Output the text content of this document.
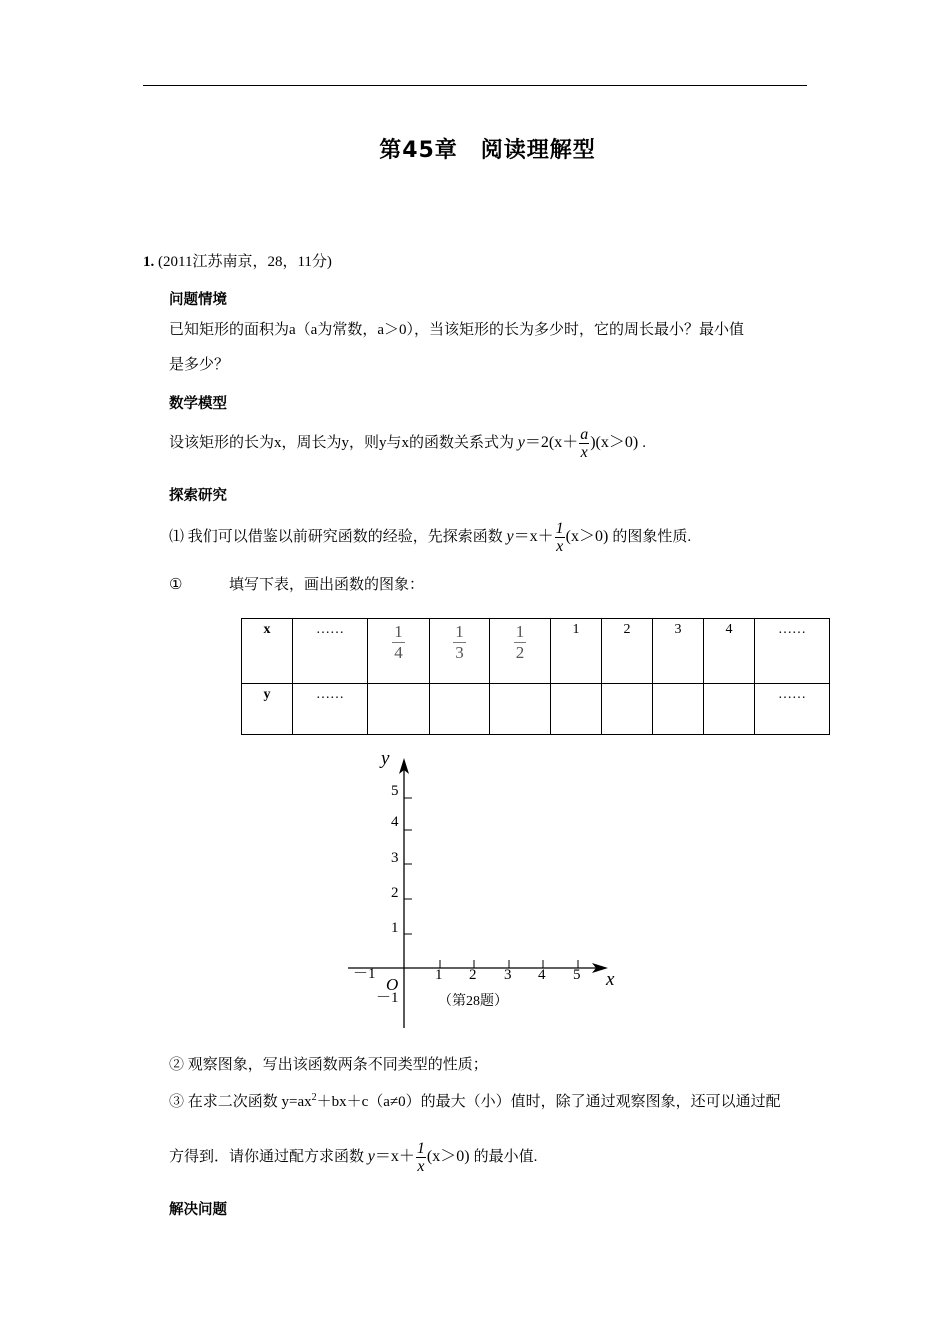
第45章　阅读理解型
1. (2011江苏南京，28，11分)
问题情境
已知矩形的面积为a（a为常数，a＞0），当该矩形的长为多少时，它的周长最小？最小值
是多少？
数学模型
设该矩形的长为x，周长为y，则y与x的函数关系式为 $y=2(x+ \frac{a}{x} )(x>0)$ .
探索研究
⑴ 我们可以借鉴以前研究函数的经验，先探索函数 $y=x+ \frac{1}{x} (x>0)$ 的图象性质.
①	填写下表，画出函数的图象：
x	……	$\frac{1}{4}$	$\frac{1}{3}$	$\frac{1}{2}$	1	2	3	4	……
y	……								……
5
4
3
2
1
1 2 3 4 5
－1
－1
O
y
x
（第28题）
② 观察图象，写出该函数两条不同类型的性质；
③ 在求二次函数 $y=ax^2+bx+c(a\ne 0)$的最大（小）值时，除了通过观察图象，还可以通过配
方得到．请你通过配方求函数 $y=x+ \frac{1}{x} (x>0)$ 的最小值.
解决问题
